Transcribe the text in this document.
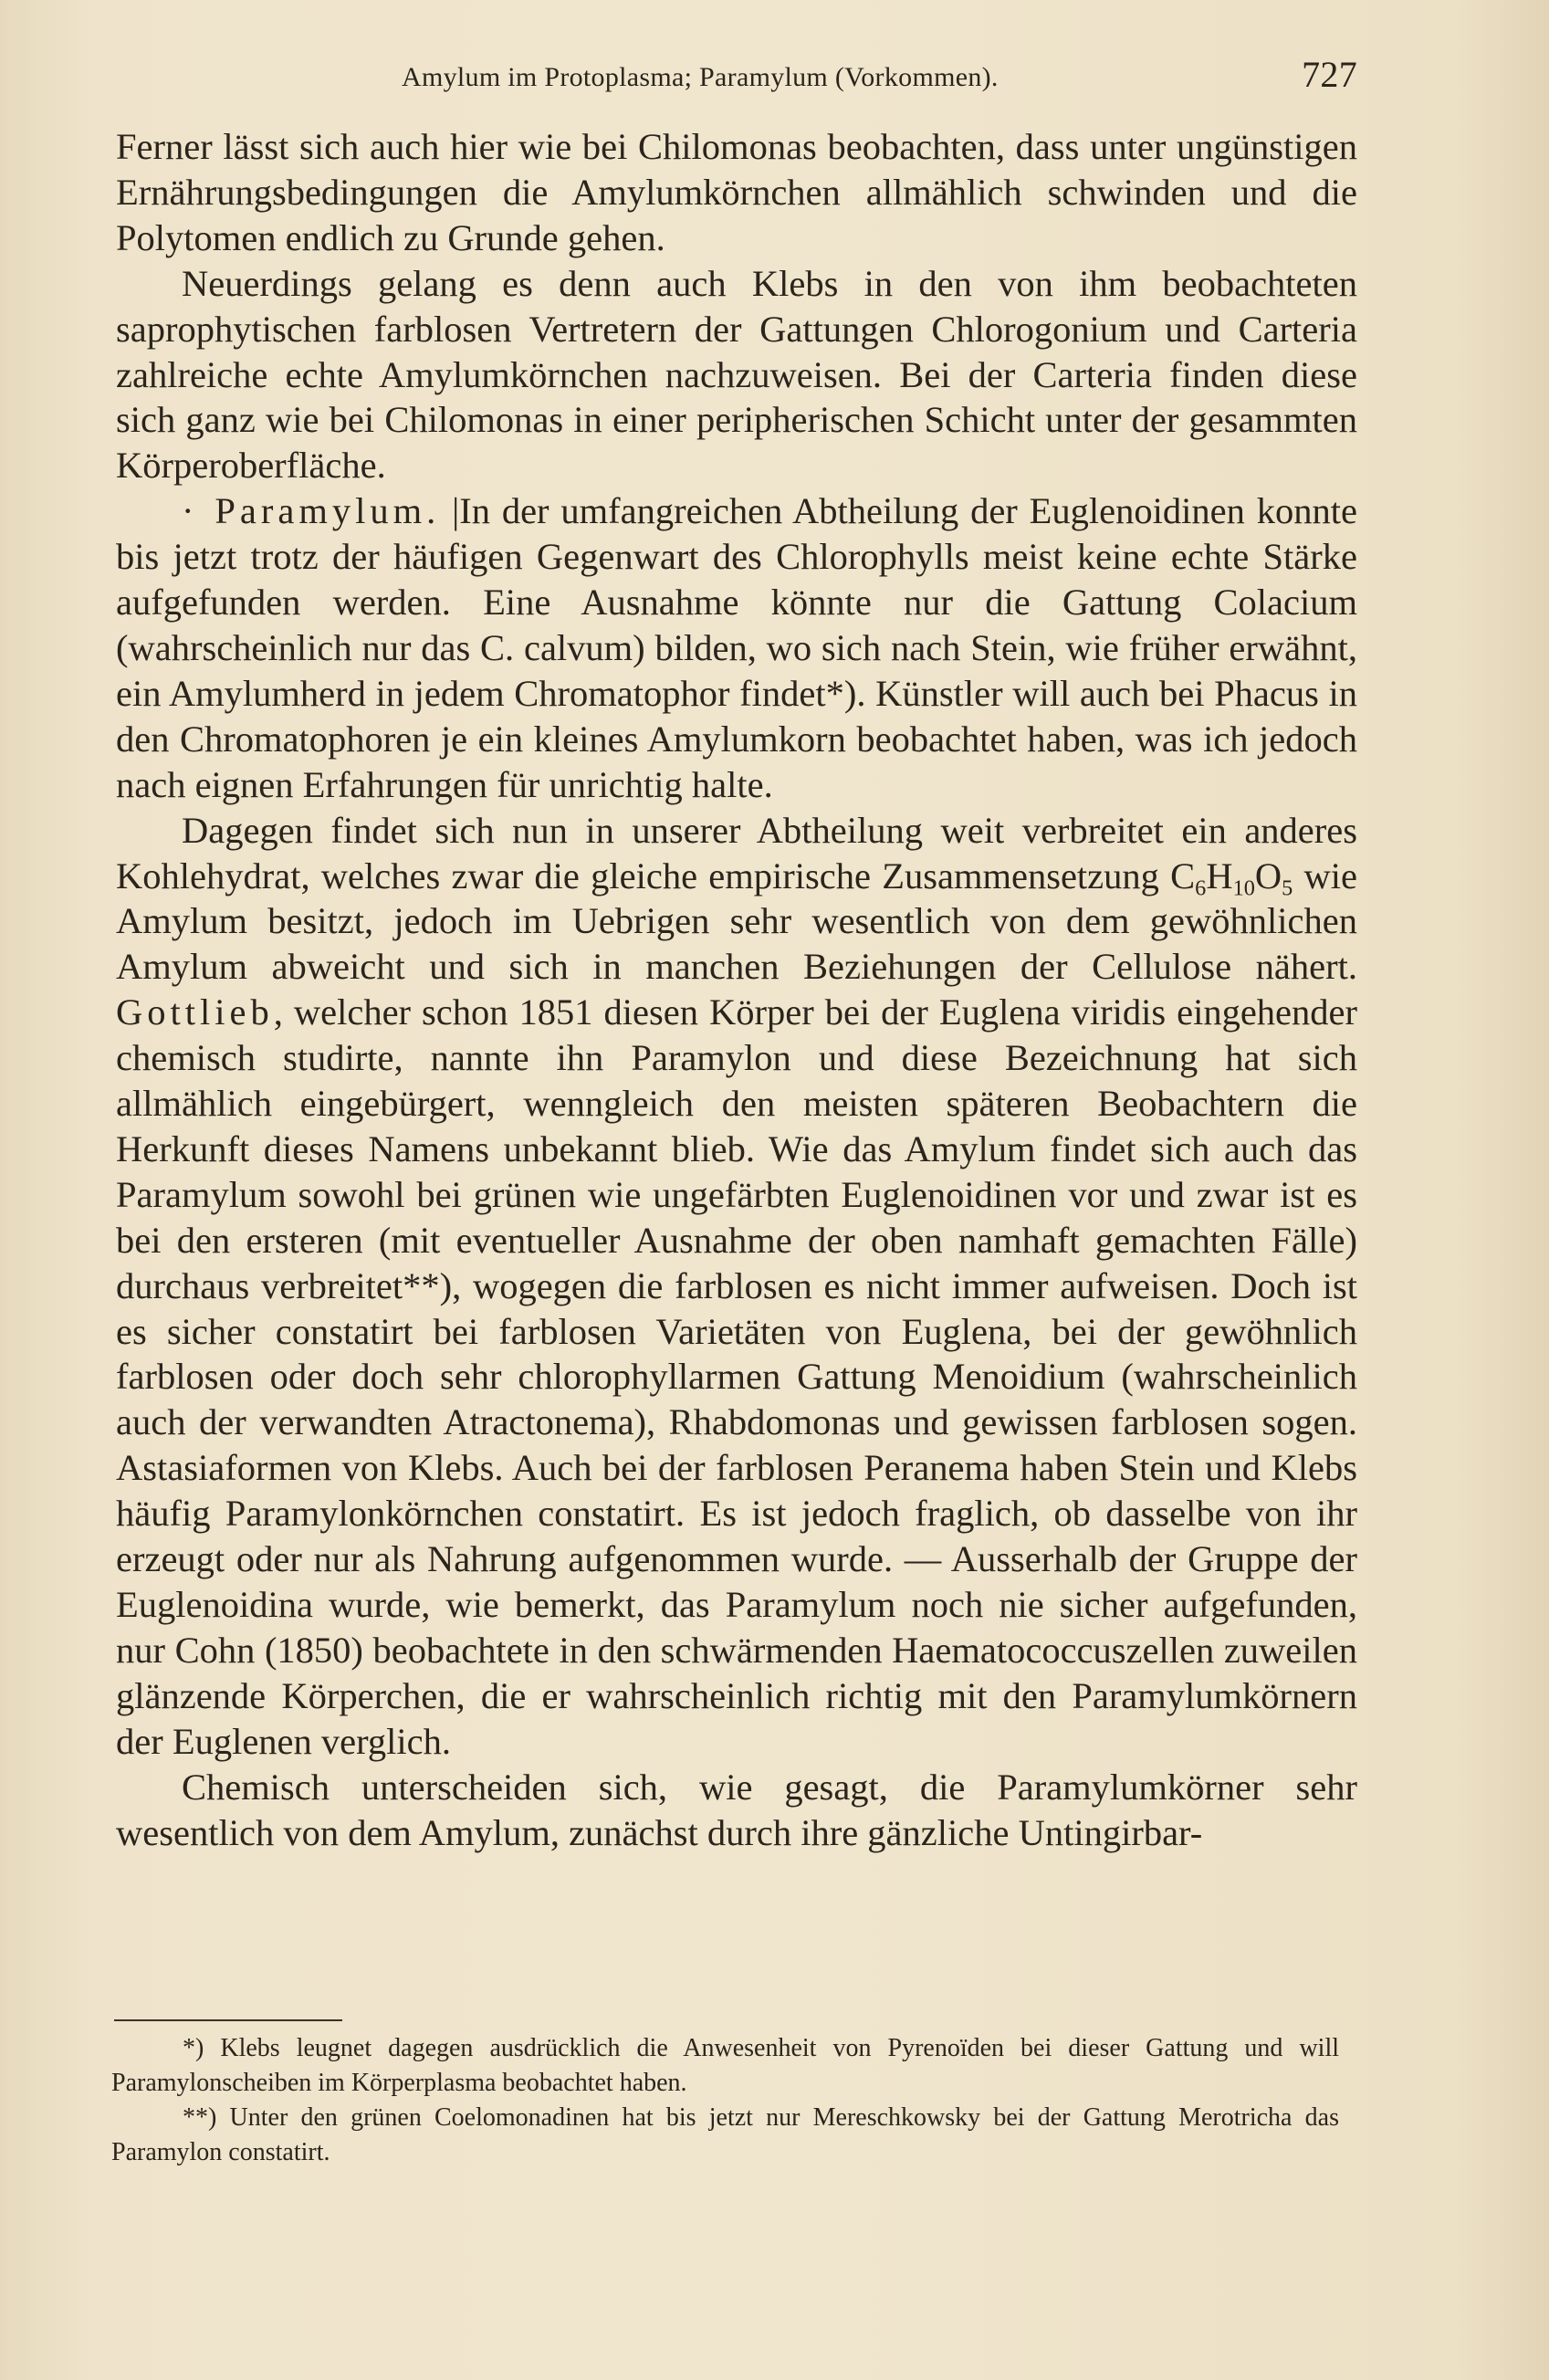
Amylum im Protoplasma; Paramylum (Vorkommen).	727

Ferner lässt sich auch hier wie bei Chilomonas beobachten, dass unter ungünstigen Ernährungsbedingungen die Amylumkörnchen allmählich schwinden und die Polytomen endlich zu Grunde gehen.

Neuerdings gelang es denn auch Klebs in den von ihm beobachteten saprophytischen farblosen Vertretern der Gattungen Chlorogonium und Carteria zahlreiche echte Amylumkörnchen nachzuweisen. Bei der Carteria finden diese sich ganz wie bei Chilomonas in einer peripherischen Schicht unter der gesammten Körperoberfläche.

· Paramylum. |In der umfangreichen Abtheilung der Euglenoidinen konnte bis jetzt trotz der häufigen Gegenwart des Chlorophylls meist keine echte Stärke aufgefunden werden. Eine Ausnahme könnte nur die Gattung Colacium (wahrscheinlich nur das C. calvum) bilden, wo sich nach Stein, wie früher erwähnt, ein Amylumherd in jedem Chromatophor findet*). Künstler will auch bei Phacus in den Chromatophoren je ein kleines Amylumkorn beobachtet haben, was ich jedoch nach eignen Erfahrungen für unrichtig halte.

Dagegen findet sich nun in unserer Abtheilung weit verbreitet ein anderes Kohlehydrat, welches zwar die gleiche empirische Zusammensetzung $C_6H_{10}O_5$ wie Amylum besitzt, jedoch im Uebrigen sehr wesentlich von dem gewöhnlichen Amylum abweicht und sich in manchen Beziehungen der Cellulose nähert. Gottlieb, welcher schon 1851 diesen Körper bei der Euglena viridis eingehender chemisch studirte, nannte ihn Paramylon und diese Bezeichnung hat sich allmählich eingebürgert, wenngleich den meisten späteren Beobachtern die Herkunft dieses Namens unbekannt blieb. Wie das Amylum findet sich auch das Paramylum sowohl bei grünen wie ungefärbten Euglenoidinen vor und zwar ist es bei den ersteren (mit eventueller Ausnahme der oben namhaft gemachten Fälle) durchaus verbreitet**), wogegen die farblosen es nicht immer aufweisen. Doch ist es sicher constatirt bei farblosen Varietäten von Euglena, bei der gewöhnlich farblosen oder doch sehr chlorophyllarmen Gattung Menoidium (wahrscheinlich auch der verwandten Atractonema), Rhabdomonas und gewissen farblosen sogen. Astasiaformen von Klebs. Auch bei der farblosen Peranema haben Stein und Klebs häufig Paramylonkörnchen constatirt. Es ist jedoch fraglich, ob dasselbe von ihr erzeugt oder nur als Nahrung aufgenommen wurde. — Ausserhalb der Gruppe der Euglenoidina wurde, wie bemerkt, das Paramylum noch nie sicher aufgefunden, nur Cohn (1850) beobachtete in den schwärmenden Haematococcuszellen zuweilen glänzende Körperchen, die er wahrscheinlich richtig mit den Paramylumkörnern der Euglenen verglich.

Chemisch unterscheiden sich, wie gesagt, die Paramylumkörner sehr wesentlich von dem Amylum, zunächst durch ihre gänzliche Untingirbar-

*) Klebs leugnet dagegen ausdrücklich die Anwesenheit von Pyrenoïden bei dieser Gattung und will Paramylonscheiben im Körperplasma beobachtet haben.

**) Unter den grünen Coelomonadinen hat bis jetzt nur Mereschkowsky bei der Gattung Merotricha das Paramylon constatirt.
